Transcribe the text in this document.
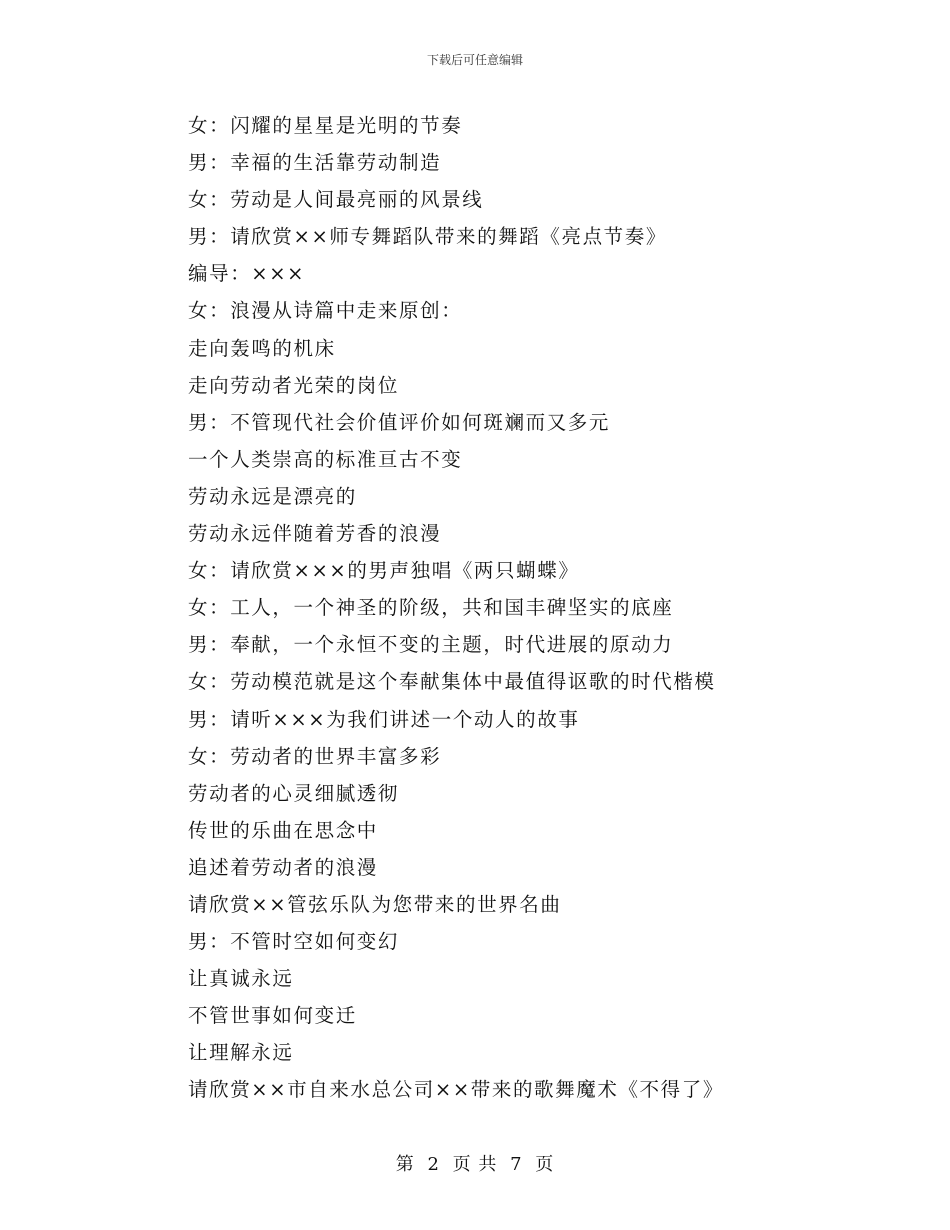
下载后可任意编辑
女：闪耀的星星是光明的节奏
男：幸福的生活靠劳动制造
女：劳动是人间最亮丽的风景线
男：请欣赏××师专舞蹈队带来的舞蹈《亮点节奏》
编导：×××
女：浪漫从诗篇中走来原创：
走向轰鸣的机床
走向劳动者光荣的岗位
男：不管现代社会价值评价如何斑斓而又多元
一个人类崇高的标准亘古不变
劳动永远是漂亮的
劳动永远伴随着芳香的浪漫
女：请欣赏×××的男声独唱《两只蝴蝶》
女：工人，一个神圣的阶级，共和国丰碑坚实的底座
男：奉献，一个永恒不变的主题，时代进展的原动力
女：劳动模范就是这个奉献集体中最值得讴歌的时代楷模
男：请听×××为我们讲述一个动人的故事
女：劳动者的世界丰富多彩
劳动者的心灵细腻透彻
传世的乐曲在思念中
追述着劳动者的浪漫
请欣赏××管弦乐队为您带来的世界名曲
男：不管时空如何变幻
让真诚永远
不管世事如何变迁
让理解永远
请欣赏××市自来水总公司××带来的歌舞魔术《不得了》
第 2 页 共 7 页
